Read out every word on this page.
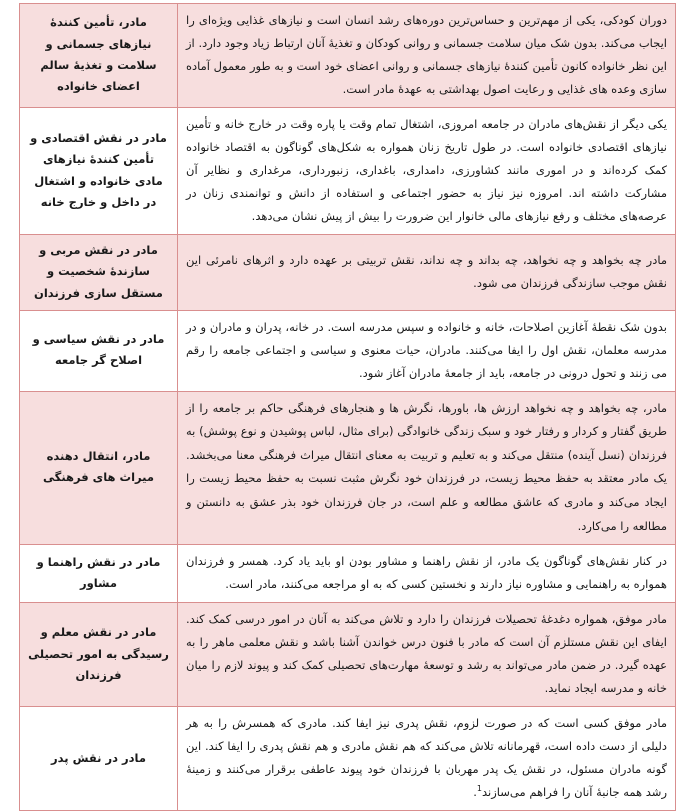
دوران کودکی، یکی از مهم‌ترین و حساس‌ترین دوره‌های رشد انسان است و نیازهای غذایی ویژه‌ای را ایجاب می‌کند. بدون شک میان سلامت جسمانی و روانی کودکان و تغذیۀ آنان ارتباط زیاد وجود دارد. از این نظر خانواده کانون تأمین کنندۀ نیازهای جسمانی و روانی اعضای خود است و به طور معمول آماده سازی وعده های غذایی و رعایت اصول بهداشتی به عهدۀ مادر است.	مادر، تأمین کنندۀ نیازهای جسمانی و سلامت و تغذیۀ سالم اعضای خانواده
یکی دیگر از نقش‌های مادران در جامعه امروزی، اشتغال تمام وقت یا پاره وقت در خارج خانه و تأمین نیازهای اقتصادی خانواده است. در طول تاریخ زنان همواره به شکل‌های گوناگون به اقتصاد خانواده کمک کرده‌اند و در اموری مانند کشاورزی، دامداری، باغداری، زنبورداری، مرغداری و نظایر آن مشارکت داشته اند. امروزه نیز نیاز به حضور اجتماعی و استفاده از دانش و توانمندی زنان در عرصه‌های مختلف و رفع نیازهای مالی خانوار این ضرورت را بیش از پیش نشان می‌دهد.	مادر در نقش اقتصادی و تأمین کنندۀ نیازهای مادی خانواده و اشتغال در داخل و خارج خانه
مادر چه بخواهد و چه نخواهد، چه بداند و چه نداند، نقش تربیتی بر عهده دارد و اثرهای نامرئی این نقش موجب سازندگی فرزندان می شود.	مادر در نقش مربی و سازندۀ شخصیت و مستقل سازی فرزندان
بدون شک نقطۀ آغازین اصلاحات، خانه و خانواده و سپس مدرسه است. در خانه، پدران و مادران و در مدرسه معلمان، نقش اول را ایفا می‌کنند. مادران، حیات معنوی و سیاسی و اجتماعی جامعه را رقم می زنند و تحول درونی در جامعه، باید از جامعۀ مادران آغاز شود.	مادر در نقش سیاسی و اصلاح گر جامعه
مادر، چه بخواهد و چه نخواهد ارزش ها، باورها، نگرش ها و هنجارهای فرهنگی حاکم بر جامعه را از طریق گفتار و کردار و رفتار خود و سبک زندگی خانوادگی (برای مثال، لباس پوشیدن و نوع پوشش) به فرزندان (نسل آینده) منتقل می‌کند و به تعلیم و تربیت به معنای انتقال میراث فرهنگی معنا می‌بخشد. یک مادر معتقد به حفظ محیط زیست، در فرزندان خود نگرش مثبت نسبت به حفظ محیط زیست را ایجاد می‌کند و مادری که عاشق مطالعه و علم است، در جان فرزندان خود بذر عشق به دانستن و مطالعه را می‌کارد.	مادر، انتقال دهنده میراث های فرهنگی
در کنار نقش‌های گوناگون یک مادر، از نقش راهنما و مشاور بودن او باید یاد کرد. همسر و فرزندان همواره به راهنمایی و مشاوره نیاز دارند و نخستین کسی که به او مراجعه می‌کنند، مادر است.	مادر در نقش راهنما و مشاور
مادر موفق، همواره دغدغۀ تحصیلات فرزندان را دارد و تلاش می‌کند به آنان در امور درسی کمک کند. ایفای این نقش مستلزم آن است که مادر با فنون درس خواندن آشنا باشد و نقش معلمی ماهر را به عهده گیرد. در ضمن مادر می‌تواند به رشد و توسعۀ مهارت‌های تحصیلی کمک کند و پیوند لازم را میان خانه و مدرسه ایجاد نماید.	مادر در نقش معلم و رسیدگی به امور تحصیلی فرزندان
مادر موفق کسی است که در صورت لزوم، نقش پدری نیز ایفا کند. مادری که همسرش را به هر دلیلی از دست داده است، قهرمانانه تلاش می‌کند که هم نقش مادری و هم نقش پدری را ایفا کند. این گونه مادران مسئول، در نقش یک پدر مهربان با فرزندان خود پیوند عاطفی برقرار می‌کنند و زمینۀ رشد همه جانبۀ آنان را فراهم می‌سازند$^1$.	مادر در نقش پدر
